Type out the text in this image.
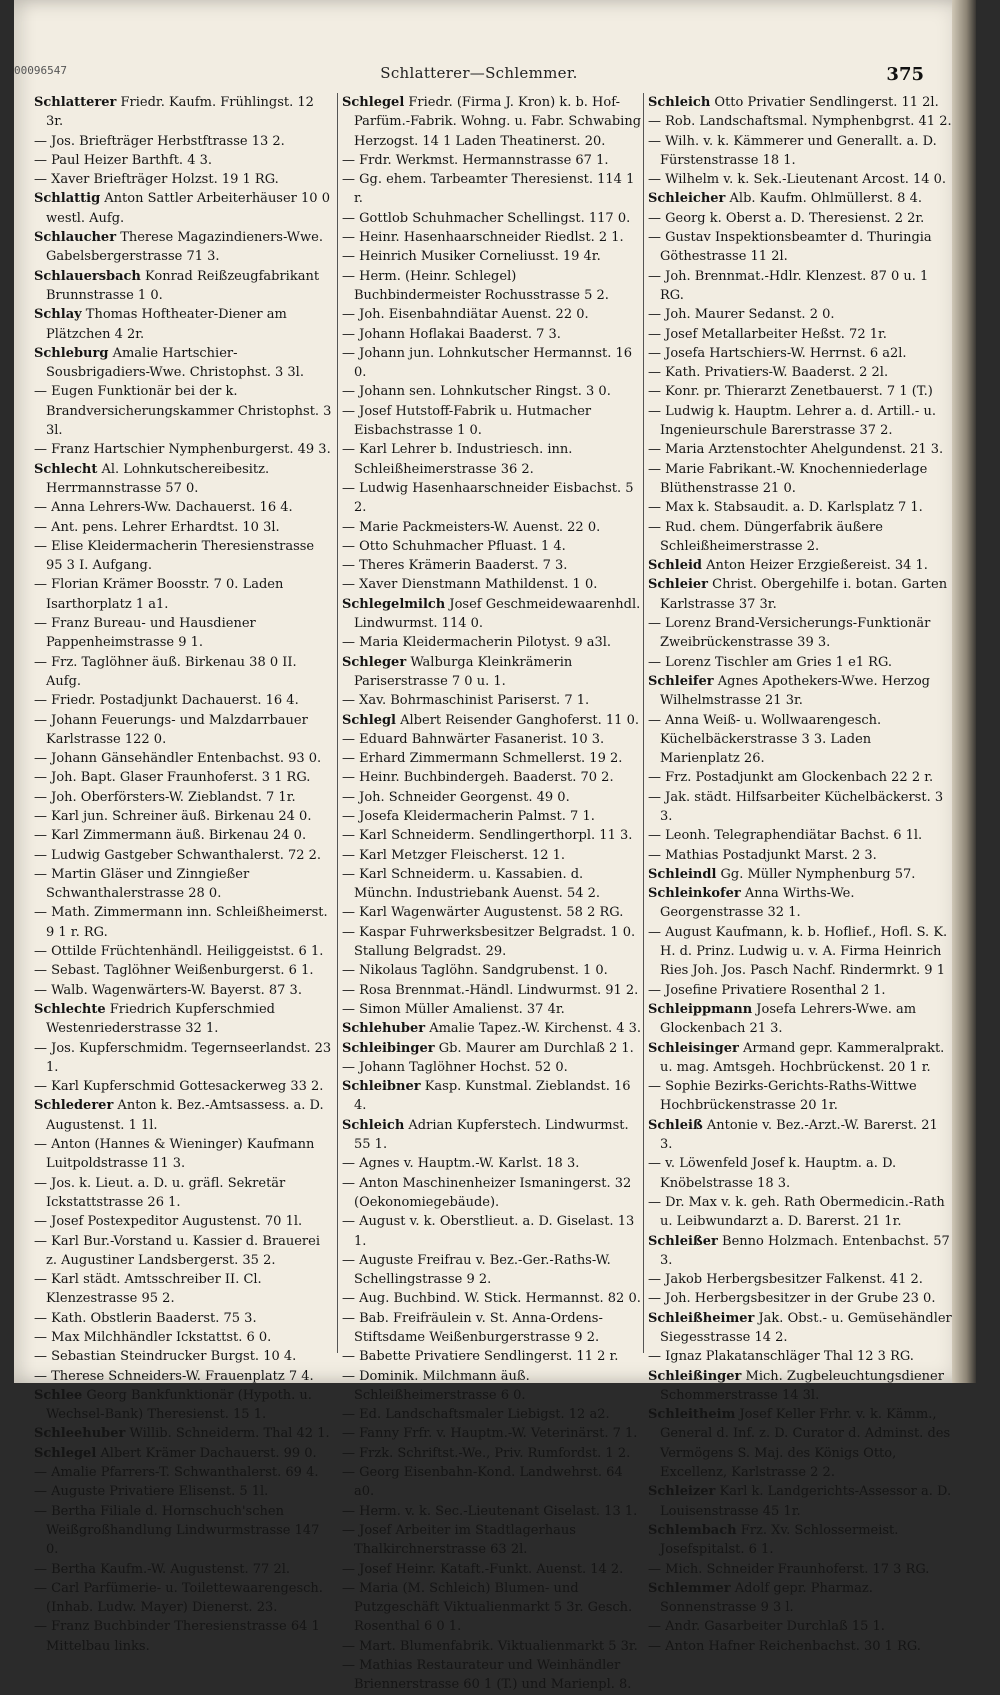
00096547	Schlatterer—Schlemmer.	375

Schlatterer Friedr. Kaufm. Frühlingst. 12 3r.

— Jos. Briefträger Herbstftrasse 13 2.

— Paul Heizer Barthft. 4 3.

— Xaver Briefträger Holzst. 19 1 RG.

Schlattig Anton Sattler Arbeiterhäuser 10 0 westl. Aufg.

Schlaucher Therese Magazindieners-Wwe. Gabelsbergerstrasse 71 3.

Schlauersbach Konrad Reißzeugfabrikant Brunnstrasse 1 0.

Schlay Thomas Hoftheater-Diener am Plätzchen 4 2r.

Schleburg Amalie Hartschier-Sousbrigadiers-Wwe. Christophst. 3 3l.

— Eugen Funktionär bei der k. Brandversicherungskammer Christophst. 3 3l.

— Franz Hartschier Nymphenburgerst. 49 3.

Schlecht Al. Lohnkutschereibesitz. Herrmannstrasse 57 0.

— Anna Lehrers-Ww. Dachauerst. 16 4.

— Ant. pens. Lehrer Erhardtst. 10 3l.

— Elise Kleidermacherin Theresienstrasse 95 3 I. Aufgang.

— Florian Krämer Boosstr. 7 0. Laden Isarthorplatz 1 a1.

— Franz Bureau- und Hausdiener Pappenheimstrasse 9 1.

— Frz. Taglöhner äuß. Birkenau 38 0 II. Aufg.

— Friedr. Postadjunkt Dachauerst. 16 4.

— Johann Feuerungs- und Malzdarrbauer Karlstrasse 122 0.

— Johann Gänsehändler Entenbachst. 93 0.

— Joh. Bapt. Glaser Fraunhoferst. 3 1 RG.

— Joh. Oberförsters-W. Zieblandst. 7 1r.

— Karl jun. Schreiner äuß. Birkenau 24 0.

— Karl Zimmermann äuß. Birkenau 24 0.

— Ludwig Gastgeber Schwanthalerst. 72 2.

— Martin Gläser und Zinngießer Schwanthalerstrasse 28 0.

— Math. Zimmermann inn. Schleißheimerst. 9 1 r. RG.

— Ottilde Früchtenhändl. Heiliggeistst. 6 1.

— Sebast. Taglöhner Weißenburgerst. 6 1.

— Walb. Wagenwärters-W. Bayerst. 87 3.

Schlechte Friedrich Kupferschmied Westenriederstrasse 32 1.

— Jos. Kupferschmidm. Tegernseerlandst. 23 1.

— Karl Kupferschmid Gottesackerweg 33 2.

Schlederer Anton k. Bez.-Amtsassess. a. D. Augustenst. 1 1l.

— Anton (Hannes & Wieninger) Kaufmann Luitpoldstrasse 11 3.

— Jos. k. Lieut. a. D. u. gräfl. Sekretär Ickstattstrasse 26 1.

— Josef Postexpeditor Augustenst. 70 1l.

— Karl Bur.-Vorstand u. Kassier d. Brauerei z. Augustiner Landsbergerst. 35 2.

— Karl städt. Amtsschreiber II. Cl. Klenzestrasse 95 2.

— Kath. Obstlerin Baaderst. 75 3.

— Max Milchhändler Ickstattst. 6 0.

— Sebastian Steindrucker Burgst. 10 4.

— Therese Schneiders-W. Frauenplatz 7 4.

Schlee Georg Bankfunktionär (Hypoth. u. Wechsel-Bank) Theresienst. 15 1.

Schleehuber Willib. Schneiderm. Thal 42 1.

Schlegel Albert Krämer Dachauerst. 99 0.

— Amalie Pfarrers-T. Schwanthalerst. 69 4.

— Auguste Privatiere Elisenst. 5 1l.

— Bertha Filiale d. Hornschuch'schen Weißgroßhandlung Lindwurmstrasse 147 0.

— Bertha Kaufm.-W. Augustenst. 77 2l.

— Carl Parfümerie- u. Toilettewaarengesch. (Inhab. Ludw. Mayer) Dienerst. 23.

— Franz Buchbinder Theresienstrasse 64 1 Mittelbau links.

Schlegel Friedr. (Firma J. Kron) k. b. Hof-Parfüm.-Fabrik. Wohng. u. Fabr. Schwabing Herzogst. 14 1 Laden Theatinerst. 20.

— Frdr. Werkmst. Hermannstrasse 67 1.

— Gg. ehem. Tarbeamter Theresienst. 114 1 r.

— Gottlob Schuhmacher Schellingst. 117 0.

— Heinr. Hasenhaarschneider Riedlst. 2 1.

— Heinrich Musiker Corneliusst. 19 4r.

— Herm. (Heinr. Schlegel) Buchbindermeister Rochusstrasse 5 2.

— Joh. Eisenbahndiätar Auenst. 22 0.

— Johann Hoflakai Baaderst. 7 3.

— Johann jun. Lohnkutscher Hermannst. 16 0.

— Johann sen. Lohnkutscher Ringst. 3 0.

— Josef Hutstoff-Fabrik u. Hutmacher Eisbachstrasse 1 0.

— Karl Lehrer b. Industriesch. inn. Schleißheimerstrasse 36 2.

— Ludwig Hasenhaarschneider Eisbachst. 5 2.

— Marie Packmeisters-W. Auenst. 22 0.

— Otto Schuhmacher Pfluast. 1 4.

— Theres Krämerin Baaderst. 7 3.

— Xaver Dienstmann Mathildenst. 1 0.

Schlegelmilch Josef Geschmeidewaarenhdl. Lindwurmst. 114 0.

— Maria Kleidermacherin Pilotyst. 9 a3l.

Schleger Walburga Kleinkrämerin Pariserstrasse 7 0 u. 1.

— Xav. Bohrmaschinist Pariserst. 7 1.

Schlegl Albert Reisender Ganghoferst. 11 0.

— Eduard Bahnwärter Fasanerist. 10 3.

— Erhard Zimmermann Schmellerst. 19 2.

— Heinr. Buchbindergeh. Baaderst. 70 2.

— Joh. Schneider Georgenst. 49 0.

— Josefa Kleidermacherin Palmst. 7 1.

— Karl Schneiderm. Sendlingerthorpl. 11 3.

— Karl Metzger Fleischerst. 12 1.

— Karl Schneiderm. u. Kassabien. d. Münchn. Industriebank Auenst. 54 2.

— Karl Wagenwärter Augustenst. 58 2 RG.

— Kaspar Fuhrwerksbesitzer Belgradst. 1 0. Stallung Belgradst. 29.

— Nikolaus Taglöhn. Sandgrubenst. 1 0.

— Rosa Brennmat.-Händl. Lindwurmst. 91 2.

— Simon Müller Amalienst. 37 4r.

Schlehuber Amalie Tapez.-W. Kirchenst. 4 3.

Schleibinger Gb. Maurer am Durchlaß 2 1.

— Johann Taglöhner Hochst. 52 0.

Schleibner Kasp. Kunstmal. Zieblandst. 16 4.

Schleich Adrian Kupferstech. Lindwurmst. 55 1.

— Agnes v. Hauptm.-W. Karlst. 18 3.

— Anton Maschinenheizer Ismaningerst. 32 (Oekonomiegebäude).

— August v. k. Oberstlieut. a. D. Giselast. 13 1.

— Auguste Freifrau v. Bez.-Ger.-Raths-W. Schellingstrasse 9 2.

— Aug. Buchbind. W. Stick. Hermannst. 82 0.

— Bab. Freifräulein v. St. Anna-Ordens-Stiftsdame Weißenburgerstrasse 9 2.

— Babette Privatiere Sendlingerst. 11 2 r.

— Dominik. Milchmann äuß. Schleißheimerstrasse 6 0.

— Ed. Landschaftsmaler Liebigst. 12 a2.

— Fanny Frfr. v. Hauptm.-W. Veterinärst. 7 1.

— Frzk. Schriftst.-We., Priv. Rumfordst. 1 2.

— Georg Eisenbahn-Kond. Landwehrst. 64 a0.

— Herm. v. k. Sec.-Lieutenant Giselast. 13 1.

— Josef Arbeiter im Stadtlagerhaus Thalkirchnerstrasse 63 2l.

— Josef Heinr. Kataft.-Funkt. Auenst. 14 2.

— Maria (M. Schleich) Blumen- und Putzgeschäft Viktualienmarkt 5 3r. Gesch. Rosenthal 6 0 1.

— Mart. Blumenfabrik. Viktualienmarkt 5 3r.

— Mathias Restaurateur und Weinhändler Briennerstrasse 60 1 (T.) und Marienpl. 8.

Schleich Otto Privatier Sendlingerst. 11 2l.

— Rob. Landschaftsmal. Nymphenbgrst. 41 2.

— Wilh. v. k. Kämmerer und Generallt. a. D. Fürstenstrasse 18 1.

— Wilhelm v. k. Sek.-Lieutenant Arcost. 14 0.

Schleicher Alb. Kaufm. Ohlmüllerst. 8 4.

— Georg k. Oberst a. D. Theresienst. 2 2r.

— Gustav Inspektionsbeamter d. Thuringia Göthestrasse 11 2l.

— Joh. Brennmat.-Hdlr. Klenzest. 87 0 u. 1 RG.

— Joh. Maurer Sedanst. 2 0.

— Josef Metallarbeiter Heßst. 72 1r.

— Josefa Hartschiers-W. Herrnst. 6 a2l.

— Kath. Privatiers-W. Baaderst. 2 2l.

— Konr. pr. Thierarzt Zenetbauerst. 7 1 (T.)

— Ludwig k. Hauptm. Lehrer a. d. Artill.- u. Ingenieurschule Barerstrasse 37 2.

— Maria Arztenstochter Ahelgundenst. 21 3.

— Marie Fabrikant.-W. Knochenniederlage Blüthenstrasse 21 0.

— Max k. Stabsaudit. a. D. Karlsplatz 7 1.

— Rud. chem. Düngerfabrik äußere Schleißheimerstrasse 2.

Schleid Anton Heizer Erzgießereist. 34 1.

Schleier Christ. Obergehilfe i. botan. Garten Karlstrasse 37 3r.

— Lorenz Brand-Versicherungs-Funktionär Zweibrückenstrasse 39 3.

— Lorenz Tischler am Gries 1 e1 RG.

Schleifer Agnes Apothekers-Wwe. Herzog Wilhelmstrasse 21 3r.

— Anna Weiß- u. Wollwaarengesch. Küchelbäckerstrasse 3 3. Laden Marienplatz 26.

— Frz. Postadjunkt am Glockenbach 22 2 r.

— Jak. städt. Hilfsarbeiter Küchelbäckerst. 3 3.

— Leonh. Telegraphendiätar Bachst. 6 1l.

— Mathias Postadjunkt Marst. 2 3.

Schleindl Gg. Müller Nymphenburg 57.

Schleinkofer Anna Wirths-We. Georgenstrasse 32 1.

— August Kaufmann, k. b. Hoflief., Hofl. S. K. H. d. Prinz. Ludwig u. v. A. Firma Heinrich Ries Joh. Jos. Pasch Nachf. Rindermrkt. 9 1

— Josefine Privatiere Rosenthal 2 1.

Schleippmann Josefa Lehrers-Wwe. am Glockenbach 21 3.

Schleisinger Armand gepr. Kammeralprakt. u. mag. Amtsgeh. Hochbrückenst. 20 1 r.

— Sophie Bezirks-Gerichts-Raths-Wittwe Hochbrückenstrasse 20 1r.

Schleiß Antonie v. Bez.-Arzt.-W. Barerst. 21 3.

— v. Löwenfeld Josef k. Hauptm. a. D. Knöbelstrasse 18 3.

— Dr. Max v. k. geh. Rath Obermedicin.-Rath u. Leibwundarzt a. D. Barerst. 21 1r.

Schleißer Benno Holzmach. Entenbachst. 57 3.

— Jakob Herbergsbesitzer Falkenst. 41 2.

— Joh. Herbergsbesitzer in der Grube 23 0.

Schleißheimer Jak. Obst.- u. Gemüsehändler Siegesstrasse 14 2.

— Ignaz Plakatanschläger Thal 12 3 RG.

Schleißinger Mich. Zugbeleuchtungsdiener Schommerstrasse 14 3l.

Schleitheim Josef Keller Frhr. v. k. Kämm., General d. Inf. z. D. Curator d. Adminst. des Vermögens S. Maj. des Königs Otto, Excellenz, Karlstrasse 2 2.

Schleizer Karl k. Landgerichts-Assessor a. D. Louisenstrasse 45 1r.

Schlembach Frz. Xv. Schlossermeist. Josefspitalst. 6 1.

— Mich. Schneider Fraunhoferst. 17 3 RG.

Schlemmer Adolf gepr. Pharmaz. Sonnenstrasse 9 3 l.

— Andr. Gasarbeiter Durchlaß 15 1.

— Anton Hafner Reichenbachst. 30 1 RG.
